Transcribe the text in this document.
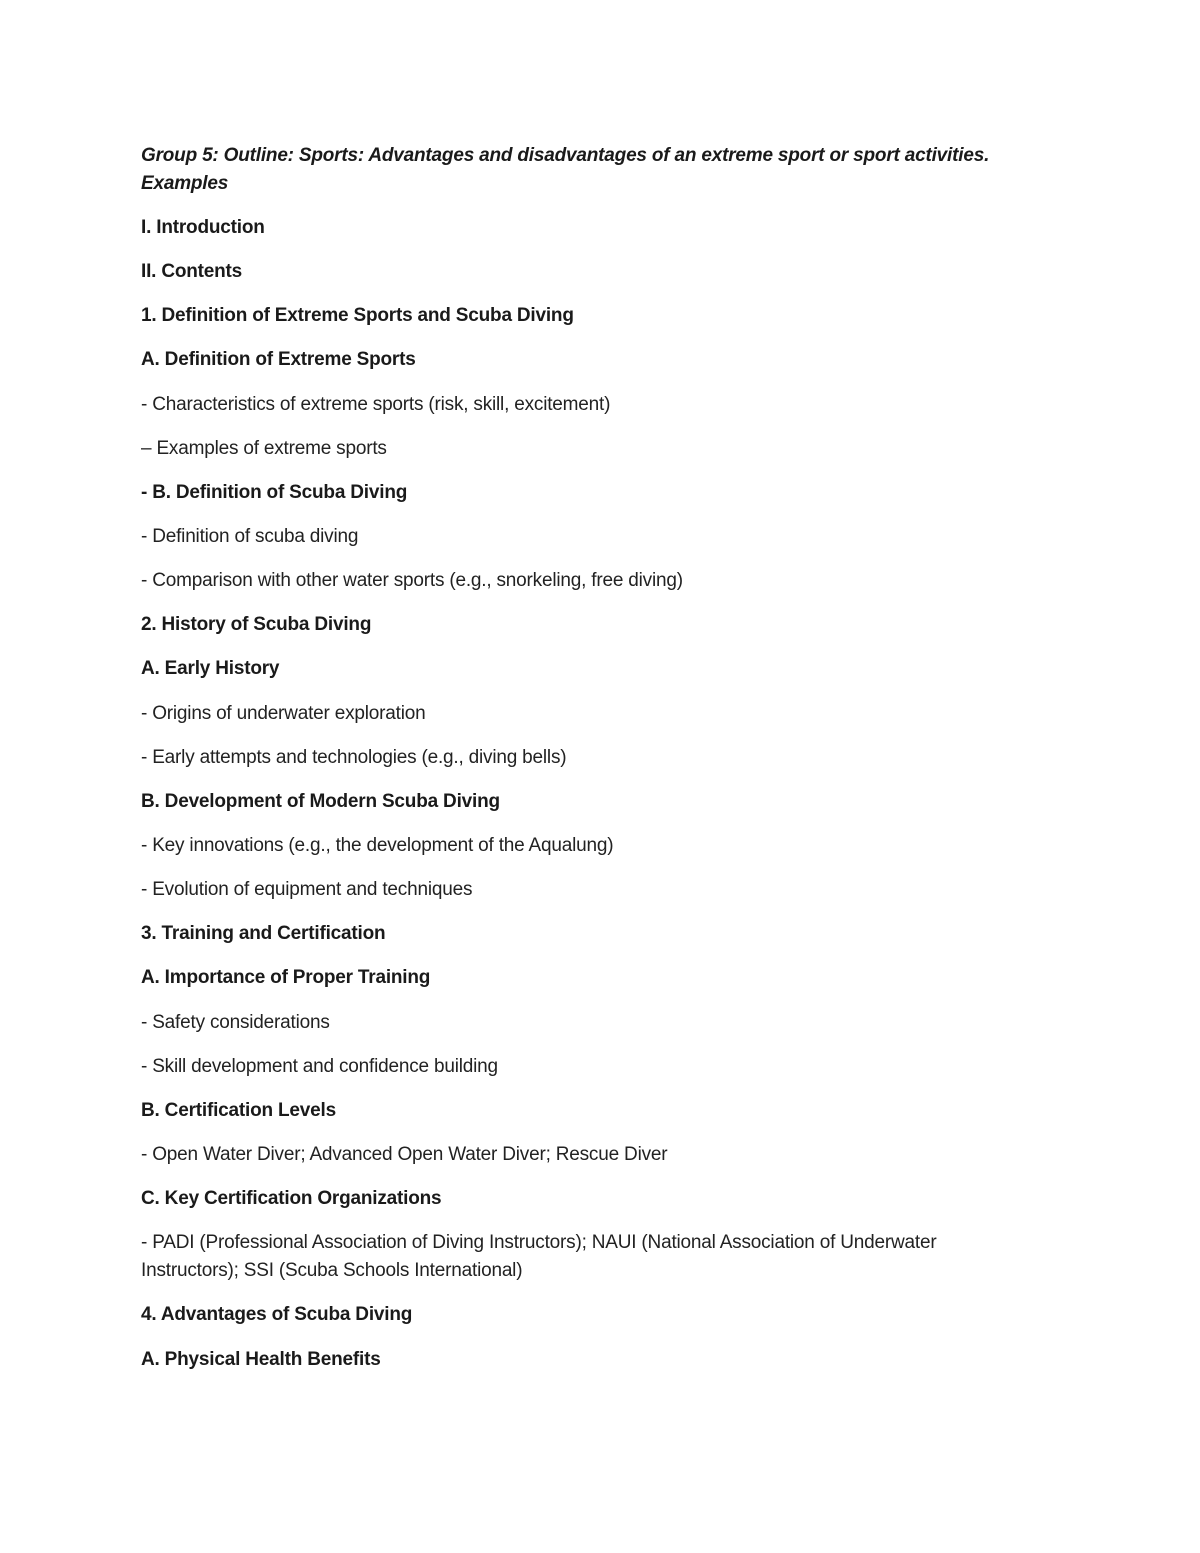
Group 5: Outline: Sports: Advantages and disadvantages of an extreme sport or sport activities.

Examples

I. Introduction

II. Contents

1. Definition of Extreme Sports and Scuba Diving

A. Definition of Extreme Sports

- Characteristics of extreme sports (risk, skill, excitement)

– Examples of extreme sports

- B. Definition of Scuba Diving

- Definition of scuba diving

- Comparison with other water sports (e.g., snorkeling, free diving)

2. History of Scuba Diving

A. Early History

- Origins of underwater exploration

- Early attempts and technologies (e.g., diving bells)

B. Development of Modern Scuba Diving

- Key innovations (e.g., the development of the Aqualung)

- Evolution of equipment and techniques

3. Training and Certification

A. Importance of Proper Training

- Safety considerations

- Skill development and confidence building

B. Certification Levels

- Open Water Diver; Advanced Open Water Diver; Rescue Diver

C. Key Certification Organizations

- PADI (Professional Association of Diving Instructors); NAUI (National Association of Underwater

Instructors); SSI (Scuba Schools International)

4. Advantages of Scuba Diving

A. Physical Health Benefits
